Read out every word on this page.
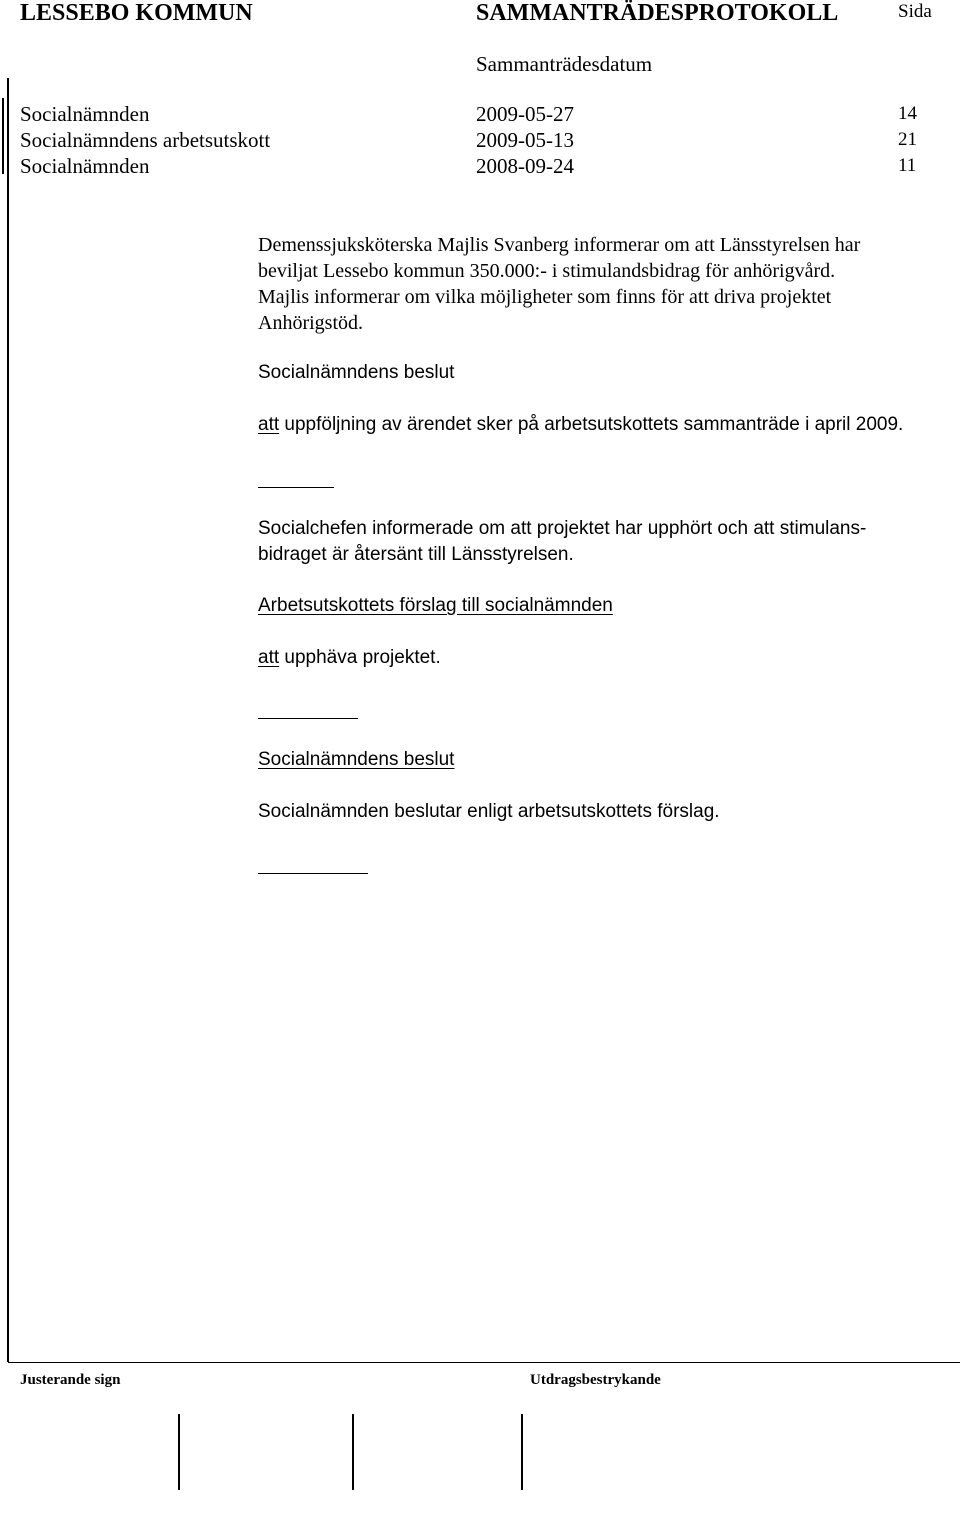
LESSEBO KOMMUN	SAMMANTRÄDESPROTOKOLL	Sida
Sammanträdesdatum
Socialnämnden	2009-05-27	14
Socialnämndens arbetsutskott	2009-05-13	21
Socialnämnden	2008-09-24	11
Demenssjuksköterska Majlis Svanberg informerar om att Länsstyrelsen har
beviljat Lessebo kommun 350.000:- i stimulandsbidrag för anhörigvård.
Majlis informerar om vilka möjligheter som finns för att driva projektet
Anhörigstöd.
Socialnämndens beslut
att uppföljning av ärendet sker på arbetsutskottets sammanträde i april 2009.
Socialchefen informerade om att projektet har upphört och att stimulans-
bidraget är återsänt till Länsstyrelsen.
Arbetsutskottets förslag till socialnämnden
att upphäva projektet.
Socialnämndens beslut
Socialnämnden beslutar enligt arbetsutskottets förslag.
Justerande sign	Utdragsbestrykande
